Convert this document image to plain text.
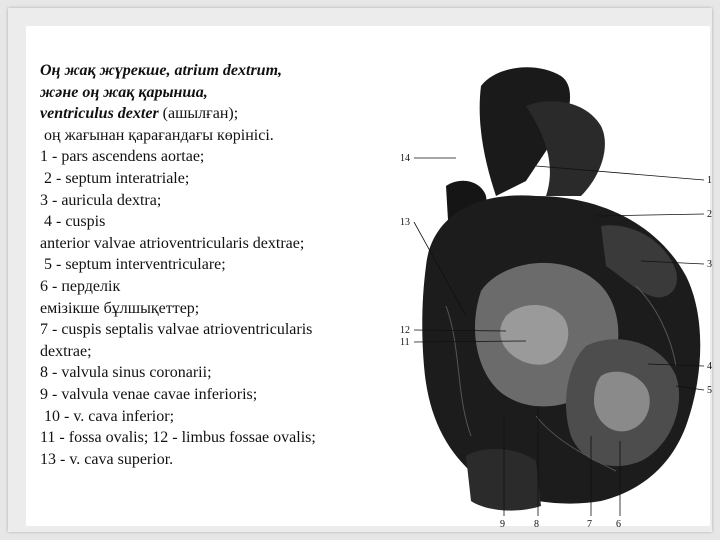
Оң жақ жүрекше, atrium dextrum,
және оң жақ қарынша,
ventriculus dexter (ашылған);
оң жағынан қарағандағы көрінісі.
1 - pars ascendens aortae;
2 - septum interatriale;
3 - auricula dextra;
4 - cuspis
anterior valvae atrioventricularis dextrae;
5 - septum interventriculare;
6 - перделік
емізікше бұлшықеттер;
7 - cuspis septalis valvae atrioventricularis
dextrae;
8 - valvula sinus coronarii;
9 - valvula venae cavae inferioris;
10 - v. cava inferior;
11 - fossa ovalis; 12 - limbus fossae ovalis;
13 - v. cava superior.
1
2
3
4
5
14
13
12
11
9	8	7 6
